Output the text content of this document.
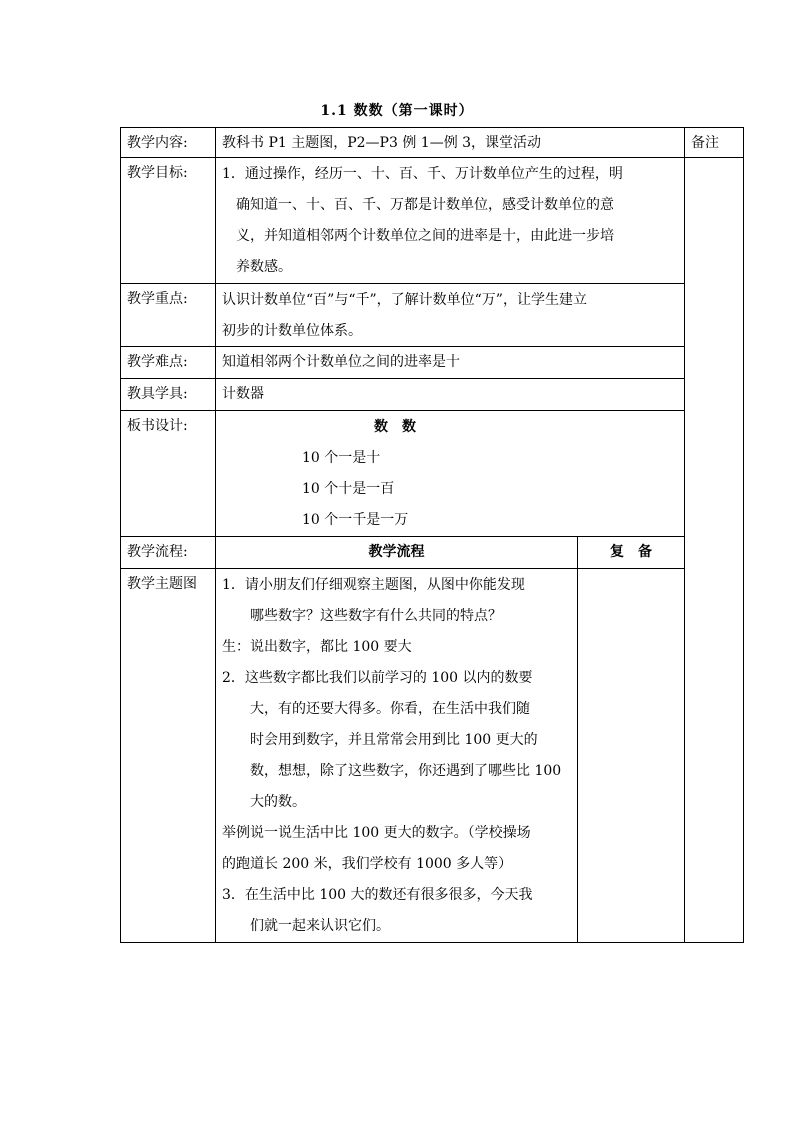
1.1 数数（第一课时）
教学内容:	教科书 P1 主题图，P2—P3 例 1—例 3，课堂活动	备注
教学目标:	1．通过操作，经历一、十、百、千、万计数单位产生的过程，明
确知道一、十、百、千、万都是计数单位，感受计数单位的意
义，并知道相邻两个计数单位之间的进率是十，由此进一步培
养数感。
教学重点:	认识计数单位“百”与“千”，了解计数单位“万”，让学生建立
初步的计数单位体系。
教学难点:	知道相邻两个计数单位之间的进率是十
教具学具:	计数器
板书设计:	数　数
10 个一是十
10 个十是一百
10 个一千是一万
教学流程:	教学流程	复　备
教学主题图	1．请小朋友们仔细观察主题图，从图中你能发现
　　哪些数字？这些数字有什么共同的特点？
生：说出数字，都比 100 要大
2．这些数字都比我们以前学习的 100 以内的数要
　　大，有的还要大得多。你看，在生活中我们随
　　时会用到数字，并且常常会用到比 100 更大的
　　数，想想，除了这些数字，你还遇到了哪些比 100
　　大的数。
举例说一说生活中比 100 更大的数字。（学校操场
的跑道长 200 米，我们学校有 1000 多人等）
3．在生活中比 100 大的数还有很多很多，今天我
　　们就一起来认识它们。
